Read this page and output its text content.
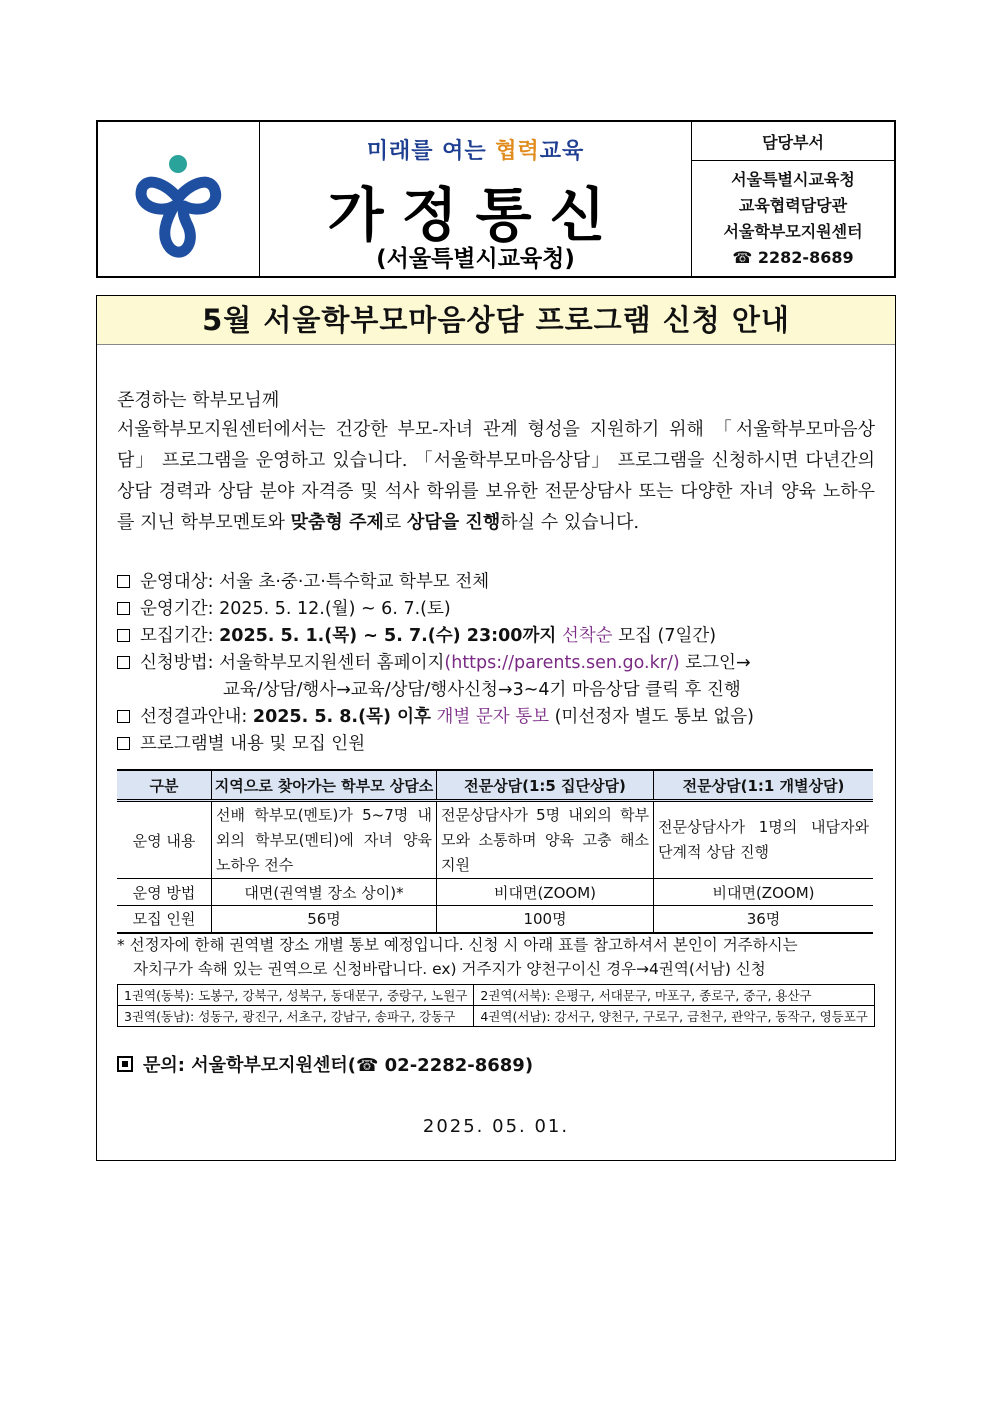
미래를 여는 협력교육
가정통신
(서울특별시교육청)
담당부서
서울특별시교육청
교육협력담당관
서울학부모지원센터
☎ 2282-8689
5월 서울학부모마음상담 프로그램 신청 안내
존경하는 학부모님께
서울학부모지원센터에서는 건강한 부모-자녀 관계 형성을 지원하기 위해 「서울학부모마음상담」 프로그램을 운영하고 있습니다. 「서울학부모마음상담」 프로그램을 신청하시면 다년간의 상담 경력과 상담 분야 자격증 및 석사 학위를 보유한 전문상담사 또는 다양한 자녀 양육 노하우를 지닌 학부모멘토와 맞춤형 주제로 상담을 진행하실 수 있습니다.
운영대상: 서울 초·중·고·특수학교 학부모 전체
운영기간: 2025. 5. 12.(월) ~ 6. 7.(토)
모집기간: 2025. 5. 1.(목) ~ 5. 7.(수) 23:00까지 선착순 모집 (7일간)
신청방법: 서울학부모지원센터 홈페이지(https://parents.sen.go.kr/) 로그인→
교육/상담/행사→교육/상담/행사신청→3~4기 마음상담 클릭 후 진행
선정결과안내: 2025. 5. 8.(목) 이후 개별 문자 통보 (미선정자 별도 통보 없음)
프로그램별 내용 및 모집 인원
구분	지역으로 찾아가는 학부모 상담소	전문상담(1:5 집단상담)	전문상담(1:1 개별상담)
운영 내용	선배 학부모(멘토)가 5~7명 내외의 학부모(멘티)에 자녀 양육 노하우 전수	전문상담사가 5명 내외의 학부모와 소통하며 양육 고충 해소 지원	전문상담사가 1명의 내담자와 단계적 상담 진행
운영 방법	대면(권역별 장소 상이)*	비대면(ZOOM)	비대면(ZOOM)
모집 인원	56명	100명	36명
* 선정자에 한해 권역별 장소 개별 통보 예정입니다. 신청 시 아래 표를 참고하셔서 본인이 거주하시는
자치구가 속해 있는 권역으로 신청바랍니다. ex) 거주지가 양천구이신 경우→4권역(서남) 신청
1권역(동북): 도봉구, 강북구, 성북구, 동대문구, 중랑구, 노원구	2권역(서북): 은평구, 서대문구, 마포구, 종로구, 중구, 용산구
3권역(동남): 성동구, 광진구, 서초구, 강남구, 송파구, 강동구	4권역(서남): 강서구, 양천구, 구로구, 금천구, 관악구, 동작구, 영등포구
문의: 서울학부모지원센터(☎ 02-2282-8689)
2025. 05. 01.
